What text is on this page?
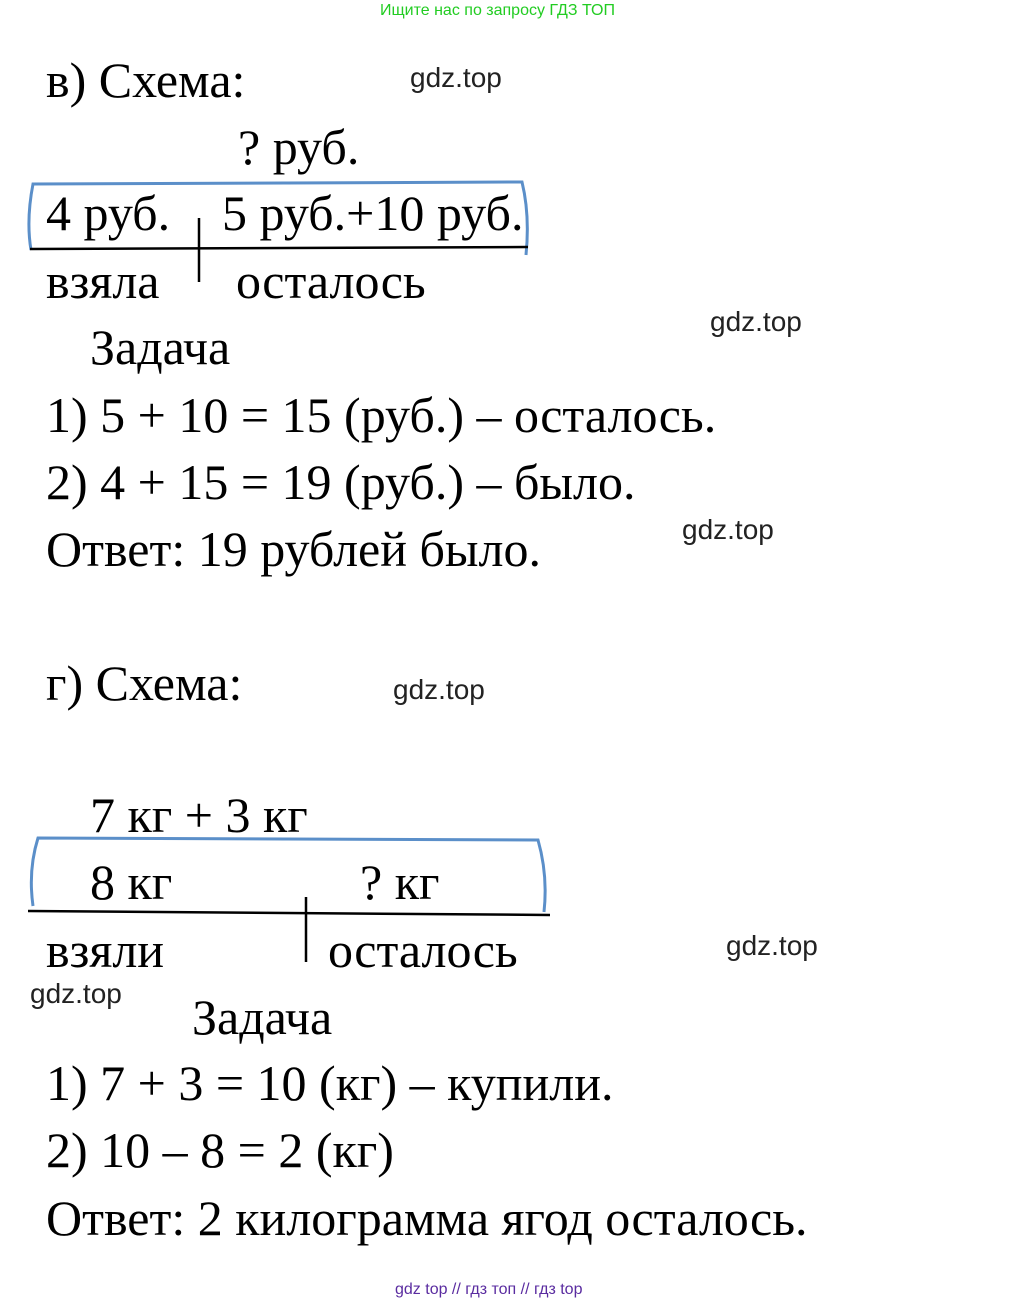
Ищите нас по запросу ГДЗ ТОП
в) Схема:
? руб.
4 руб. 5 руб.+10 руб.
взяла осталось
Задача
1) 5 + 10 = 15 (руб.) – осталось.
2) 4 + 15 = 19 (руб.) – было.
Ответ: 19 рублей было.
г) Схема:
7 кг + 3 кг
8 кг	? кг
взяли	осталось
Задача
1) 7 + 3 = 10 (кг) – купили.
2) 10 – 8 = 2 (кг)
Ответ: 2 килограмма ягод осталось.
gdz.top
gdz.top
gdz.top
gdz.top
gdz.top
gdz.top
gdz top // гдз топ // гдз top
